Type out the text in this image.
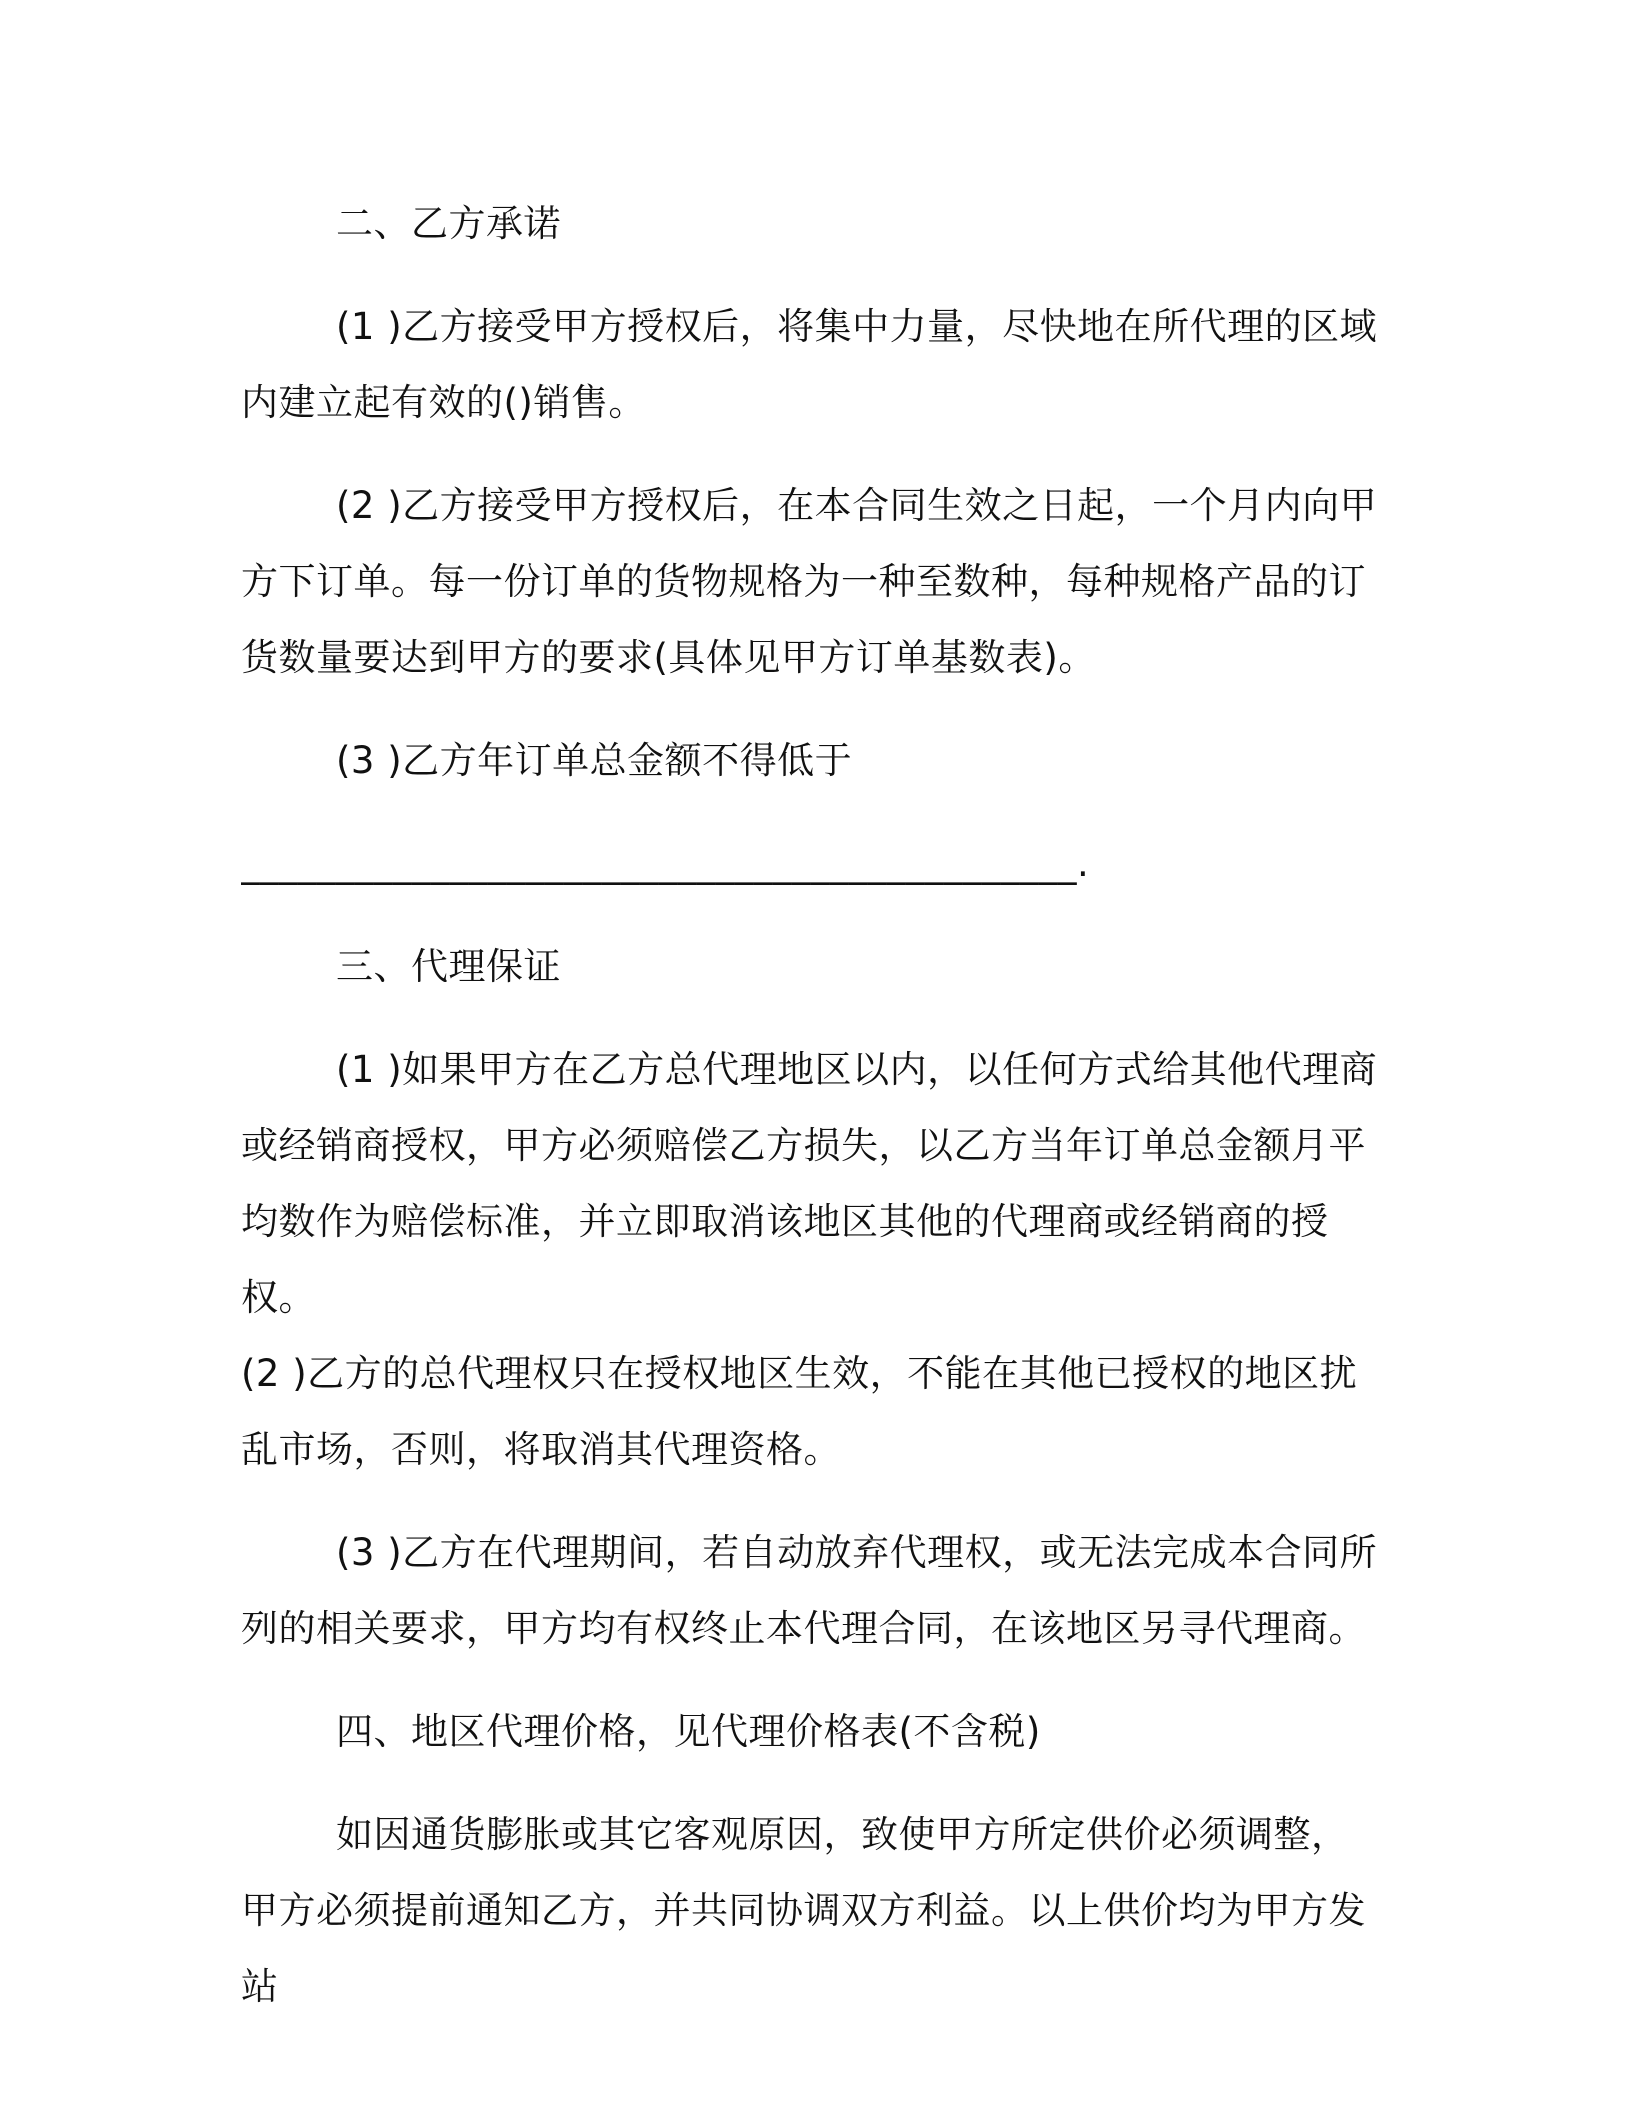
二、乙方承诺

(1 )乙方接受甲方授权后，将集中力量，尽快地在所代理的区域内建立起有效的()销售。

(2 )乙方接受甲方授权后，在本合同生效之日起，一个月内向甲方下订单。每一份订单的货物规格为一种至数种，每种规格产品的订货数量要达到甲方的要求(具体见甲方订单基数表)。

(3 )乙方年订单总金额不得低于

____________________________________________.

三、代理保证

(1 )如果甲方在乙方总代理地区以内，以任何方式给其他代理商或经销商授权，甲方必须赔偿乙方损失，以乙方当年订单总金额月平均数作为赔偿标准，并立即取消该地区其他的代理商或经销商的授权。

(2 )乙方的总代理权只在授权地区生效，不能在其他已授权的地区扰乱市场，否则，将取消其代理资格。

(3 )乙方在代理期间，若自动放弃代理权，或无法完成本合同所列的相关要求，甲方均有权终止本代理合同，在该地区另寻代理商。

四、地区代理价格，见代理价格表(不含税)

如因通货膨胀或其它客观原因，致使甲方所定供价必须调整，甲方必须提前通知乙方，并共同协调双方利益。以上供价均为甲方发站
